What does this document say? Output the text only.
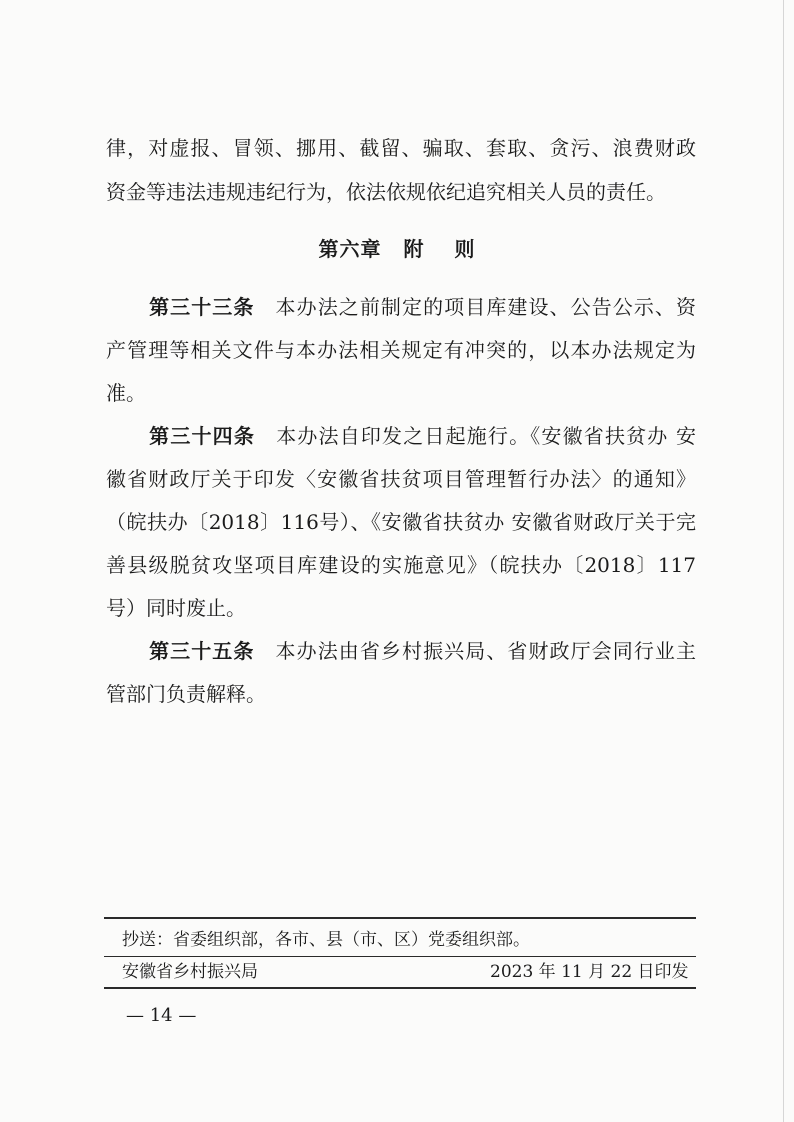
律，对虚报、冒领、挪用、截留、骗取、套取、贪污、浪费财政
资金等违法违规违纪行为，依法依规依纪追究相关人员的责任。
第三十三条 本办法之前制定的项目库建设、公告公示、资
产管理等相关文件与本办法相关规定有冲突的，以本办法规定为
准。
第三十四条 本办法自印发之日起施行。《安徽省扶贫办 安
徽省财政厅关于印发〈安徽省扶贫项目管理暂行办法〉的通知》
（皖扶办〔2018〕116号）、《安徽省扶贫办 安徽省财政厅关于完
善县级脱贫攻坚项目库建设的实施意见》（皖扶办〔2018〕117
号）同时废止。
第三十五条 本办法由省乡村振兴局、省财政厅会同行业主
管部门负责解释。
第六章 附 则
抄送：省委组织部，各市、县（市、区）党委组织部。
安徽省乡村振兴局	2023 年 11 月 22 日印发
— 14 —
